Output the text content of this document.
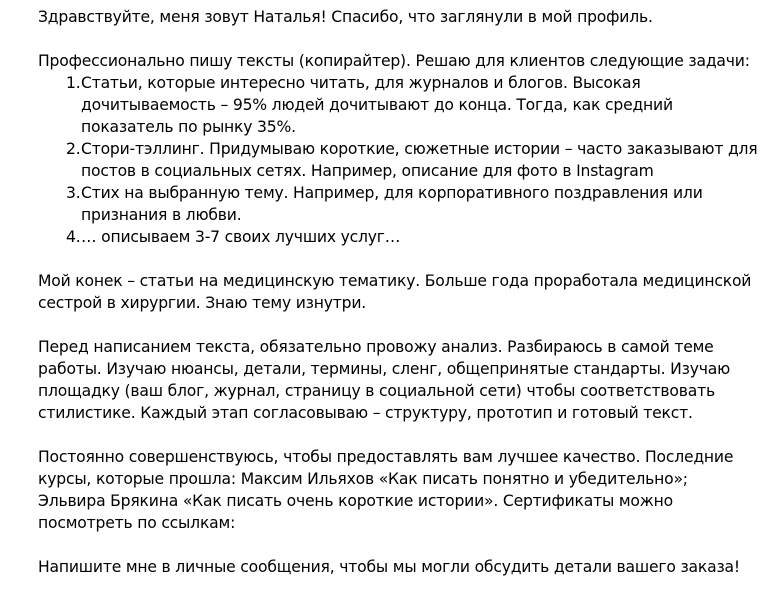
Здравствуйте, меня зовут Наталья! Спасибо, что заглянули в мой профиль.

Профессионально пишу тексты (копирайтер). Решаю для клиентов следующие задачи:

1. Статьи, которые интересно читать, для журналов и блогов. Высокая дочитываемость – 95% людей дочитывают до конца. Тогда, как средний показатель по рынку 35%.
2. Стори-тэллинг. Придумываю короткие, сюжетные истории – часто заказывают для постов в социальных сетях. Например, описание для фото в Instagram
3. Стих на выбранную тему. Например, для корпоративного поздравления или признания в любви.
4. … описываем 3-7 своих лучших услуг…

Мой конек – статьи на медицинскую тематику. Больше года проработала медицинской сестрой в хирургии. Знаю тему изнутри.

Перед написанием текста, обязательно провожу анализ. Разбираюсь в самой теме работы. Изучаю нюансы, детали, термины, сленг, общепринятые стандарты. Изучаю площадку (ваш блог, журнал, страницу в социальной сети) чтобы соответствовать стилистике. Каждый этап согласовываю – структуру, прототип и готовый текст.

Постоянно совершенствуюсь, чтобы предоставлять вам лучшее качество. Последние курсы, которые прошла: Максим Ильяхов «Как писать понятно и убедительно»; Эльвира Брякина «Как писать очень короткие истории». Сертификаты можно посмотреть по ссылкам:

Напишите мне в личные сообщения, чтобы мы могли обсудить детали вашего заказа!
